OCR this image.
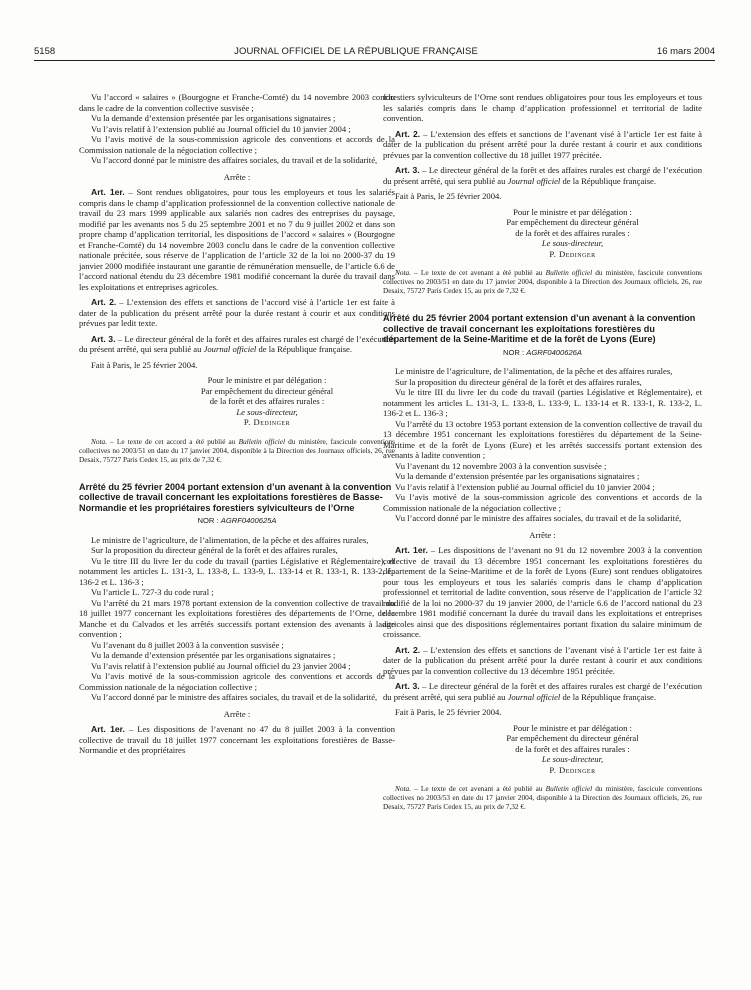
5158	JOURNAL OFFICIEL DE LA RÉPUBLIQUE FRANÇAISE	16 mars 2004

Vu l’accord « salaires » (Bourgogne et Franche-Comté) du 14 novembre 2003 conclu dans le cadre de la convention collective susvisée ;

Vu la demande d’extension présentée par les organisations signataires ;

Vu l’avis relatif à l’extension publié au Journal officiel du 10 janvier 2004 ;

Vu l’avis motivé de la sous-commission agricole des conventions et accords de la Commission nationale de la négociation collective ;

Vu l’accord donné par le ministre des affaires sociales, du travail et de la solidarité,

Arrête :

Art. 1er. – Sont rendues obligatoires, pour tous les employeurs et tous les salariés compris dans le champ d’application professionnel de la convention collective nationale de travail du 23 mars 1999 applicable aux salariés non cadres des entreprises du paysage, modifié par les avenants nos 5 du 25 septembre 2001 et no 7 du 9 juillet 2002 et dans son propre champ d’application territorial, les dispositions de l’accord « salaires » (Bourgogne et Franche-Comté) du 14 novembre 2003 conclu dans le cadre de la convention collective nationale précitée, sous réserve de l’application de l’article 32 de la loi no 2000-37 du 19 janvier 2000 modifiée instaurant une garantie de rémunération mensuelle, de l’article 6.6 de l’accord national étendu du 23 décembre 1981 modifié concernant la durée du travail dans les exploitations et entreprises agricoles.

Art. 2. – L’extension des effets et sanctions de l’accord visé à l’article 1er est faite à dater de la publication du présent arrêté pour la durée restant à courir et aux conditions prévues par ledit texte.

Art. 3. – Le directeur général de la forêt et des affaires rurales est chargé de l’exécution du présent arrêté, qui sera publié au Journal officiel de la République française.

Fait à Paris, le 25 février 2004.

Pour le ministre et par délégation :

Par empêchement du directeur général

de la forêt et des affaires rurales :

Le sous-directeur,

P. Dedinger

Nota. – Le texte de cet accord a été publié au Bulletin officiel du ministère, fascicule conventions collectives no 2003/51 en date du 17 janvier 2004, disponible à la Direction des Journaux officiels, 26, rue Desaix, 75727 Paris Cedex 15, au prix de 7,32 €.

Arrêté du 25 février 2004 portant extension d’un avenant à la convention collective de travail concernant les exploitations forestières de Basse-Normandie et les propriétaires forestiers sylviculteurs de l’Orne
NOR : AGRF0400625A

Le ministre de l’agriculture, de l’alimentation, de la pêche et des affaires rurales,

Sur la proposition du directeur général de la forêt et des affaires rurales,

Vu le titre III du livre Ier du code du travail (parties Législative et Réglementaire), et notamment les articles L. 131-3, L. 133-8, L. 133-9, L. 133-14 et R. 133-1, R. 133-2, L. 136-2 et L. 136-3 ;

Vu l’article L. 727-3 du code rural ;

Vu l’arrêté du 21 mars 1978 portant extension de la convention collective de travail du 18 juillet 1977 concernant les exploitations forestières des départements de l’Orne, de la Manche et du Calvados et les arrêtés successifs portant extension des avenants à ladite convention ;

Vu l’avenant du 8 juillet 2003 à la convention susvisée ;

Vu la demande d’extension présentée par les organisations signataires ;

Vu l’avis relatif à l’extension publié au Journal officiel du 23 janvier 2004 ;

Vu l’avis motivé de la sous-commission agricole des conventions et accords de la Commission nationale de la négociation collective ;

Vu l’accord donné par le ministre des affaires sociales, du travail et de la solidarité,

Arrête :

Art. 1er. – Les dispositions de l’avenant no 47 du 8 juillet 2003 à la convention collective de travail du 18 juillet 1977 concernant les exploitations forestières de Basse-Normandie et des propriétaires

forestiers sylviculteurs de l’Orne sont rendues obligatoires pour tous les employeurs et tous les salariés compris dans le champ d’application professionnel et territorial de ladite convention.

Art. 2. – L’extension des effets et sanctions de l’avenant visé à l’article 1er est faite à dater de la publication du présent arrêté pour la durée restant à courir et aux conditions prévues par la convention collective du 18 juillet 1977 précitée.

Art. 3. – Le directeur général de la forêt et des affaires rurales est chargé de l’exécution du présent arrêté, qui sera publié au Journal officiel de la République française.

Fait à Paris, le 25 février 2004.

Pour le ministre et par délégation :

Par empêchement du directeur général

de la forêt et des affaires rurales :

Le sous-directeur,

P. Dedinger

Nota. – Le texte de cet avenant a été publié au Bulletin officiel du ministère, fascicule conventions collectives no 2003/51 en date du 17 janvier 2004, disponible à la Direction des Journaux officiels, 26, rue Desaix, 75727 Paris Cedex 15, au prix de 7,32 €.

Arrêté du 25 février 2004 portant extension d’un avenant à la convention collective de travail concernant les exploitations forestières du département de la Seine-Maritime et de la forêt de Lyons (Eure)
NOR : AGRF0400626A

Le ministre de l’agriculture, de l’alimentation, de la pêche et des affaires rurales,

Sur la proposition du directeur général de la forêt et des affaires rurales,

Vu le titre III du livre Ier du code du travail (parties Législative et Réglementaire), et notamment les articles L. 131-3, L. 133-8, L. 133-9, L. 133-14 et R. 133-1, R. 133-2, L. 136-2 et L. 136-3 ;

Vu l’arrêté du 13 octobre 1953 portant extension de la convention collective de travail du 13 décembre 1951 concernant les exploitations forestières du département de la Seine-Maritime et de la forêt de Lyons (Eure) et les arrêtés successifs portant extension des avenants à ladite convention ;

Vu l’avenant du 12 novembre 2003 à la convention susvisée ;

Vu la demande d’extension présentée par les organisations signataires ;

Vu l’avis relatif à l’extension publié au Journal officiel du 10 janvier 2004 ;

Vu l’avis motivé de la sous-commission agricole des conventions et accords de la Commission nationale de la négociation collective ;

Vu l’accord donné par le ministre des affaires sociales, du travail et de la solidarité,

Arrête :

Art. 1er. – Les dispositions de l’avenant no 91 du 12 novembre 2003 à la convention collective de travail du 13 décembre 1951 concernant les exploitations forestières du département de la Seine-Maritime et de la forêt de Lyons (Eure) sont rendues obligatoires pour tous les employeurs et tous les salariés compris dans le champ d’application professionnel et territorial de ladite convention, sous réserve de l’application de l’article 32 modifié de la loi no 2000-37 du 19 janvier 2000, de l’article 6.6 de l’accord national du 23 décembre 1981 modifié concernant la durée du travail dans les exploitations et entreprises agricoles ainsi que des dispositions réglementaires portant fixation du salaire minimum de croissance.

Art. 2. – L’extension des effets et sanctions de l’avenant visé à l’article 1er est faite à dater de la publication du présent arrêté pour la durée restant à courir et aux conditions prévues par la convention collective du 13 décembre 1951 précitée.

Art. 3. – Le directeur général de la forêt et des affaires rurales est chargé de l’exécution du présent arrêté, qui sera publié au Journal officiel de la République française.

Fait à Paris, le 25 février 2004.

Pour le ministre et par délégation :

Par empêchement du directeur général

de la forêt et des affaires rurales :

Le sous-directeur,

P. Dedinger

Nota. – Le texte de cet avenant a été publié au Bulletin officiel du ministère, fascicule conventions collectives no 2003/53 en date du 17 janvier 2004, disponible à la Direction des Journaux officiels, 26, rue Desaix, 75727 Paris Cedex 15, au prix de 7,32 €.
